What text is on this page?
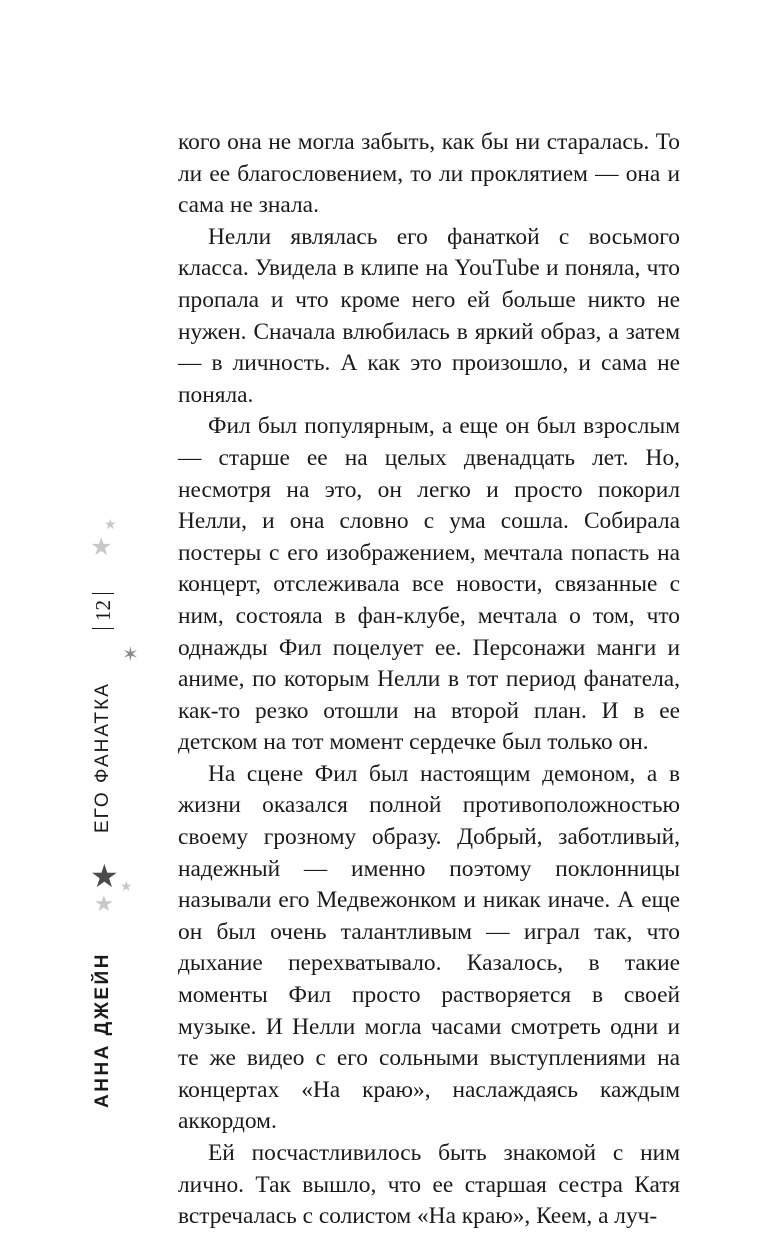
★
★
12
✶
ЕГО ФАНАТКА
★ ★
★
АННА ДЖЕЙН

кого она не могла забыть, как бы ни старалась. То ли ее благословением, то ли проклятием — она и сама не знала.

Нелли являлась его фанаткой с восьмого класса. Увидела в клипе на YouTube и поняла, что пропала и что кроме него ей больше никто не нужен. Сначала влюбилась в яркий образ, а затем — в личность. А как это произошло, и сама не поняла.

Фил был популярным, а еще он был взрослым — старше ее на целых двенадцать лет. Но, несмотря на это, он легко и просто покорил Нелли, и она словно с ума сошла. Собирала постеры с его изображением, мечтала попасть на концерт, отслеживала все новости, связанные с ним, состояла в фан-клубе, мечтала о том, что однажды Фил поцелует ее. Персонажи манги и аниме, по которым Нелли в тот период фанатела, как-то резко отошли на второй план. И в ее детском на тот момент сердечке был только он.

На сцене Фил был настоящим демоном, а в жизни оказался полной противоположностью своему грозному образу. Добрый, заботливый, надежный — именно поэтому поклонницы называли его Медвежонком и никак иначе. А еще он был очень талантливым — играл так, что дыхание перехватывало. Казалось, в такие моменты Фил просто растворяется в своей музыке. И Нелли могла часами смотреть одни и те же видео с его сольными выступлениями на концертах «На краю», наслаждаясь каждым аккордом.

Ей посчастливилось быть знакомой с ним лично. Так вышло, что ее старшая сестра Катя встречалась с солистом «На краю», Кеем, а луч-
